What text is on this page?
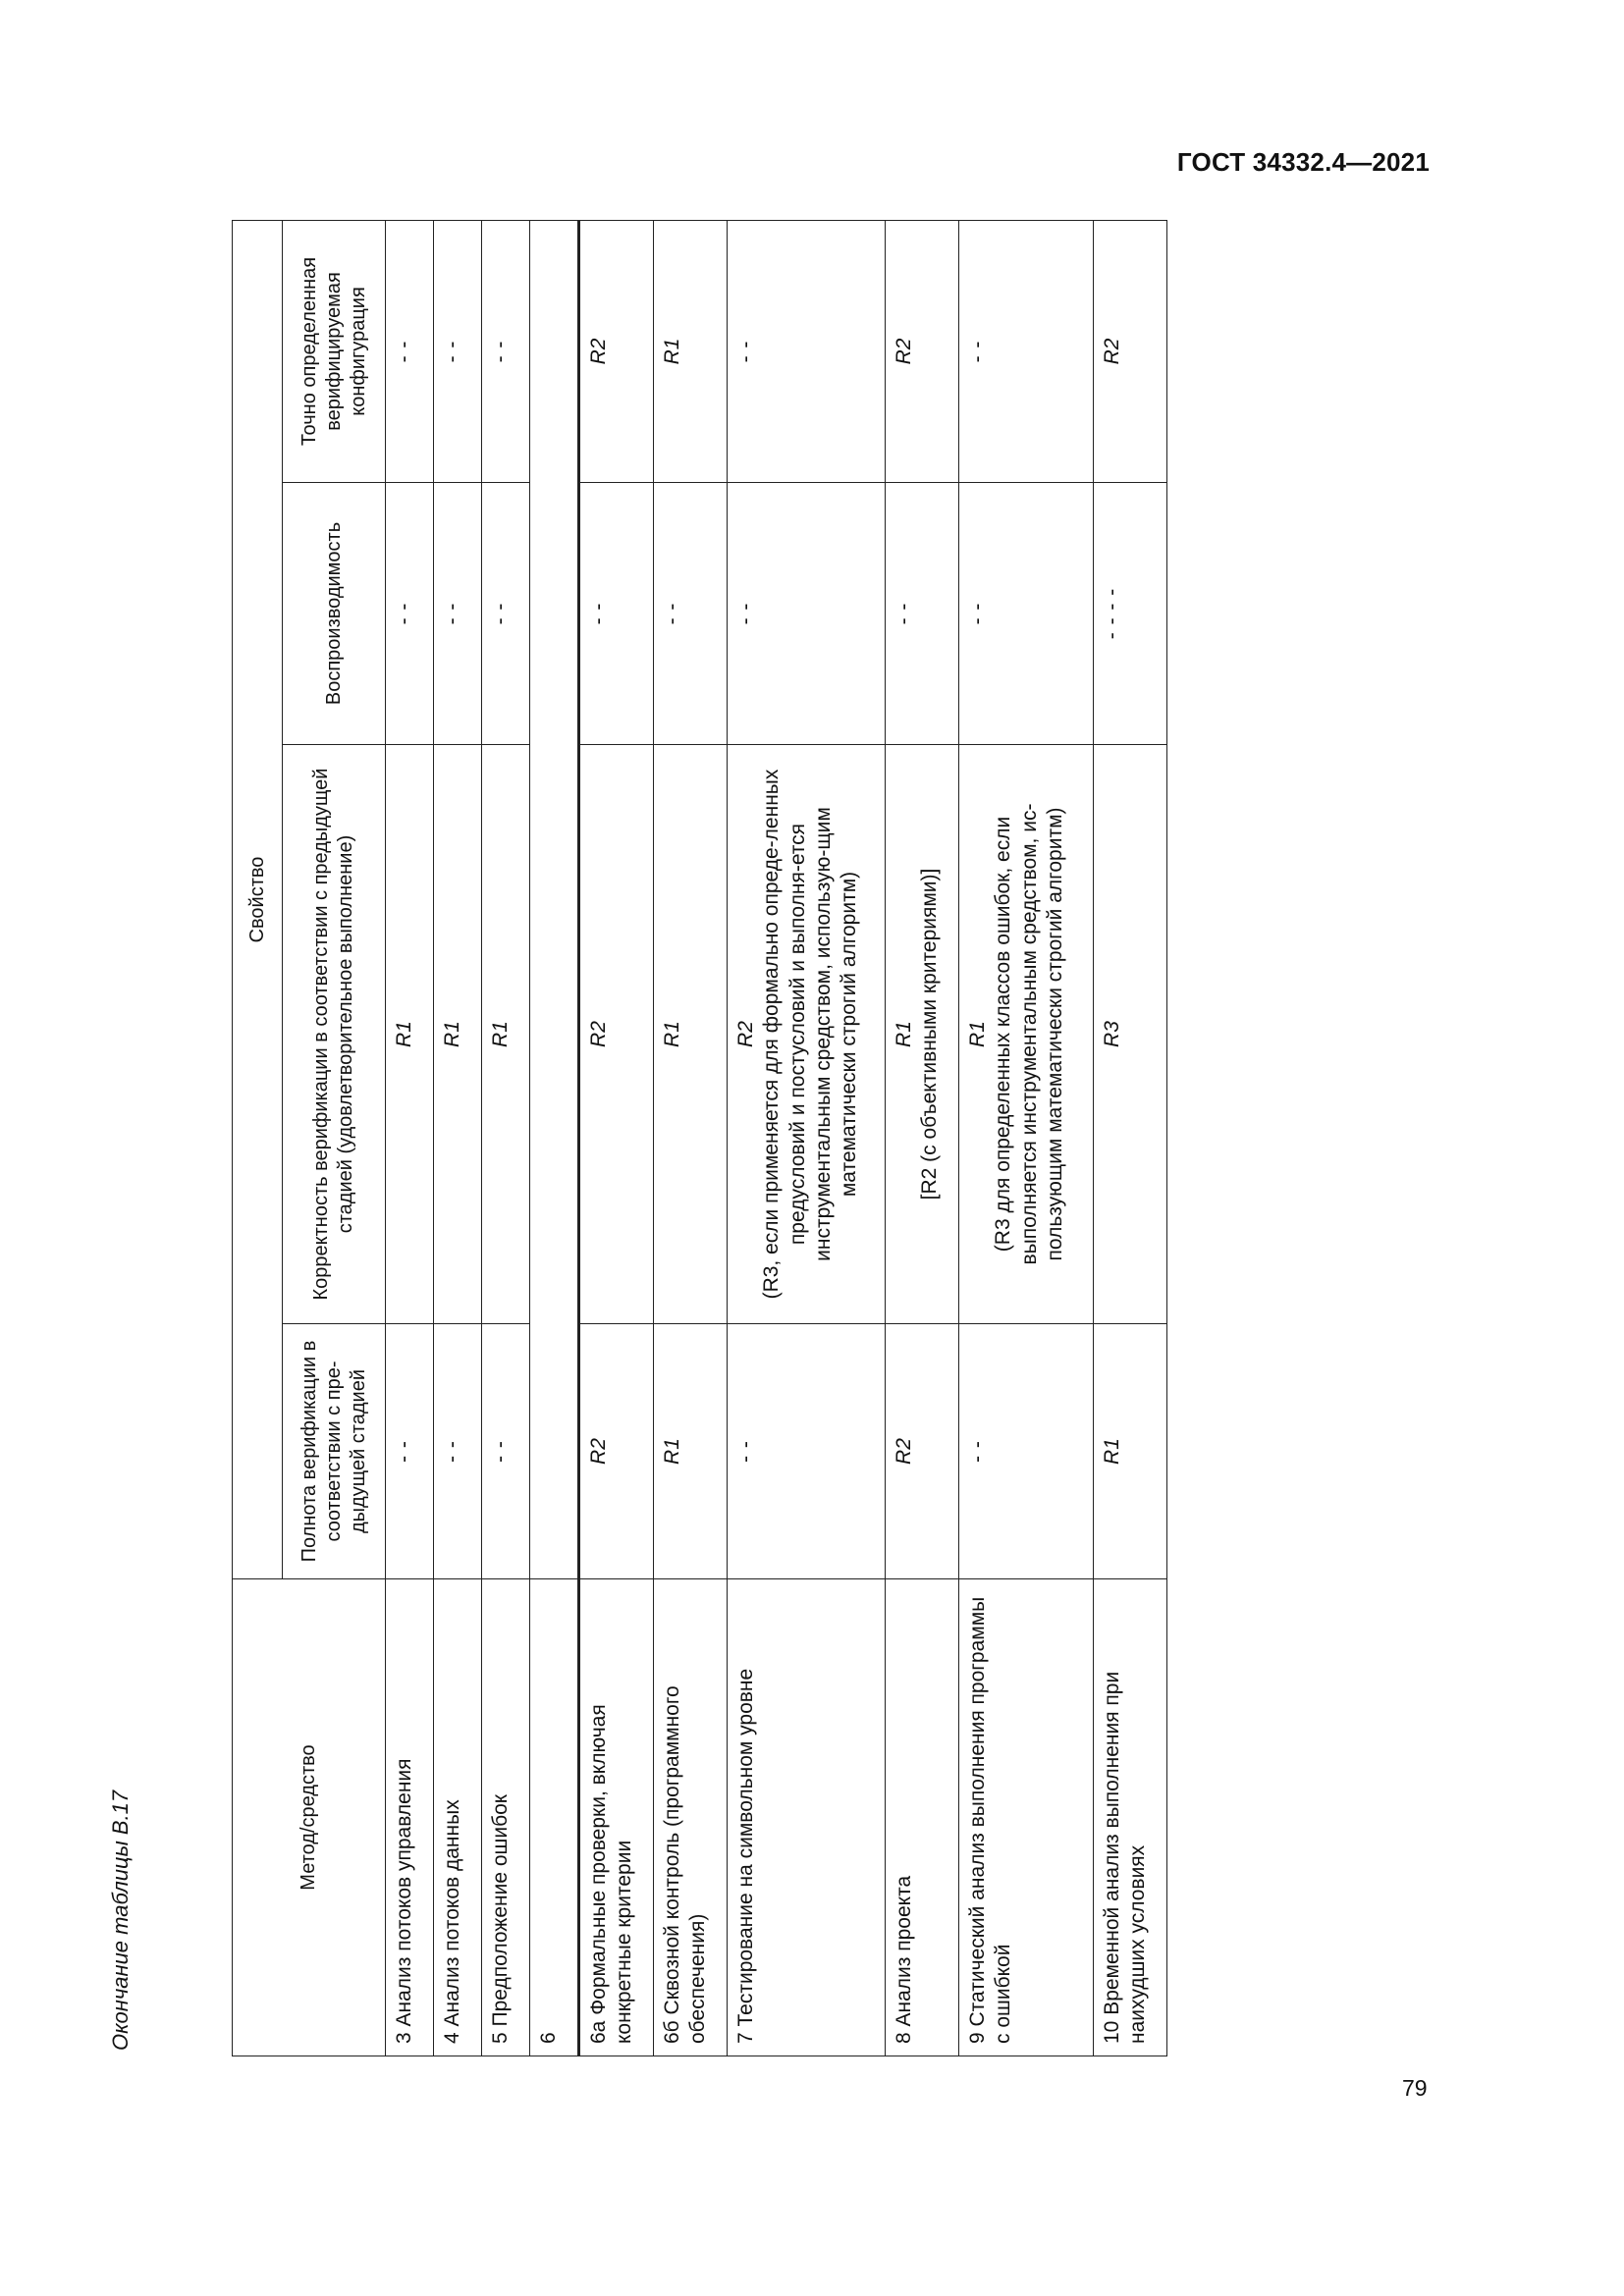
ГОСТ 34332.4—2021
79
Окончание таблицы В.17	Метод/средство	Свойство			
	Полнота верификации в соответствии с пре-дыдущей стадией	Корректность верификации в соответствии с предыдущей стадией (удовлетворительное выполнение)	Воспроизводимость	Точно определенная верифицируемая конфигурация
3 Анализ потоков управления	- -	R1	- -	- -
4 Анализ потоков данных	- -	R1	- -	- -
5 Предположение ошибок	- -	R1	- -	- -
6				
6а Формальные проверки, включая конкретные критерии	R2	R2	- -	R2
6б Сквозной контроль (программного обеспечения)	R1	R1	- -	R1
7 Тестирование на символьном уровне	- -	R2 (R3, если применяется для формально опреде-ленных предусловий и постусловий и выполня-ется инструментальным средством, использую-щим математически строгий алгоритм)	- -	- -
8 Анализ проекта	R2	R1 [R2 (с объективными критериями)]	- -	R2
9 Статический анализ выполнения программы с ошибкой	- -	R1 (R3 для определенных классов ошибок, если выполняется инструментальным средством, ис-пользующим математически строгий алгоритм)	- -	- -
10 Временной анализ выполнения при наихудших условиях	R1	R3	- - - -	R2
